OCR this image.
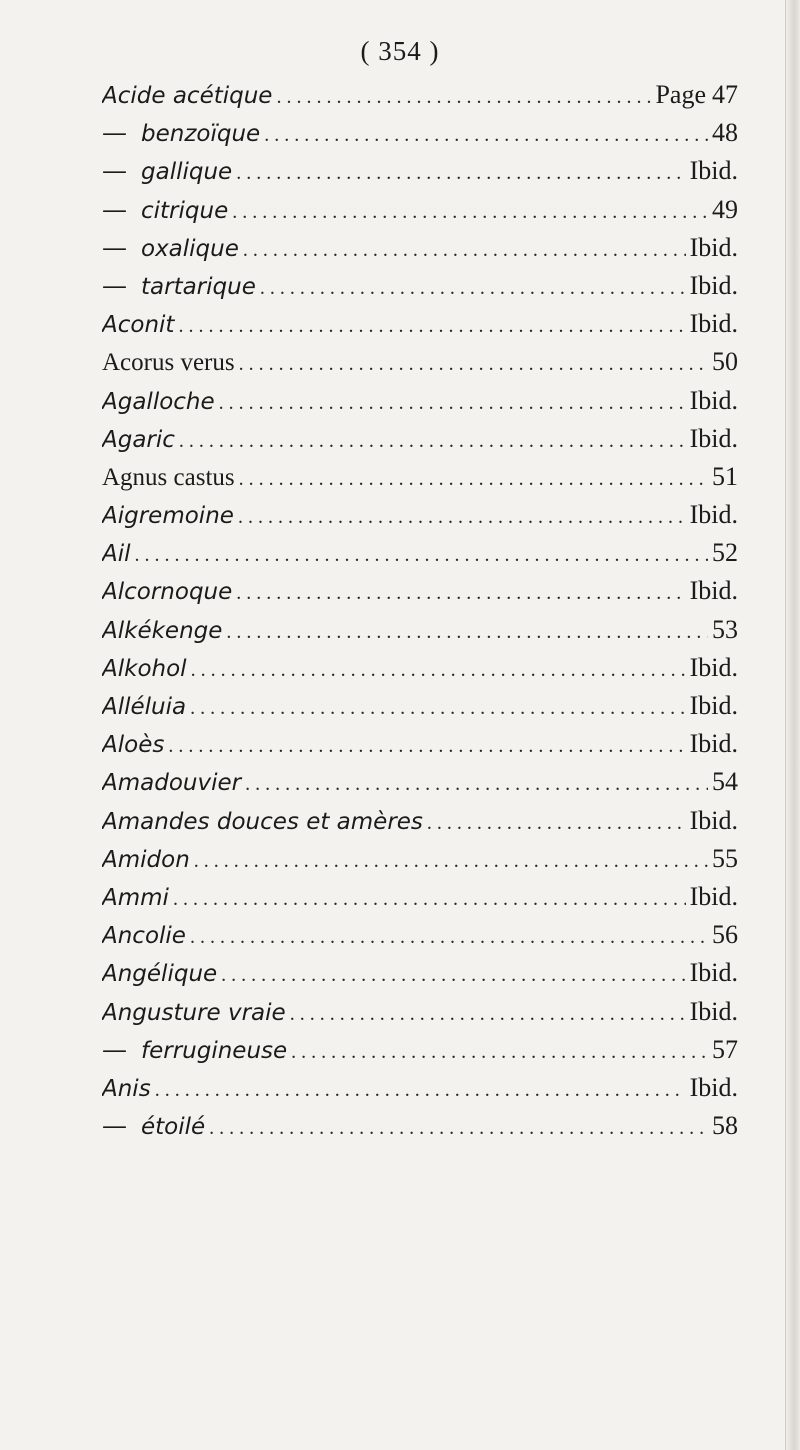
( 354 )
Acide acétique . . .	Page 47
— benzoïque . . .	48
— gallique . . .	Ibid.
— citrique . . .	49
— oxalique . . .	Ibid.
— tartarique . . .	Ibid.
Aconit . . .	Ibid.
Acorus verus . . .	50
Agalloche . . .	Ibid.
Agaric . . .	Ibid.
Agnus castus . . .	51
Aigremoine . . .	Ibid.
Ail . . .	52
Alcornoque . . .	Ibid.
Alkékenge . . .	53
Alkohol . . .	Ibid.
Alléluia . . .	Ibid.
Aloès . . .	Ibid.
Amadouvier . . .	54
Amandes douces et amères . . .	Ibid.
Amidon . . .	55
Ammi . . .	Ibid.
Ancolie . . .	56
Angélique . . .	Ibid.
Angusture vraie . . .	Ibid.
— ferrugineuse . . .	57
Anis . . .	Ibid.
— étoilé . . .	58
